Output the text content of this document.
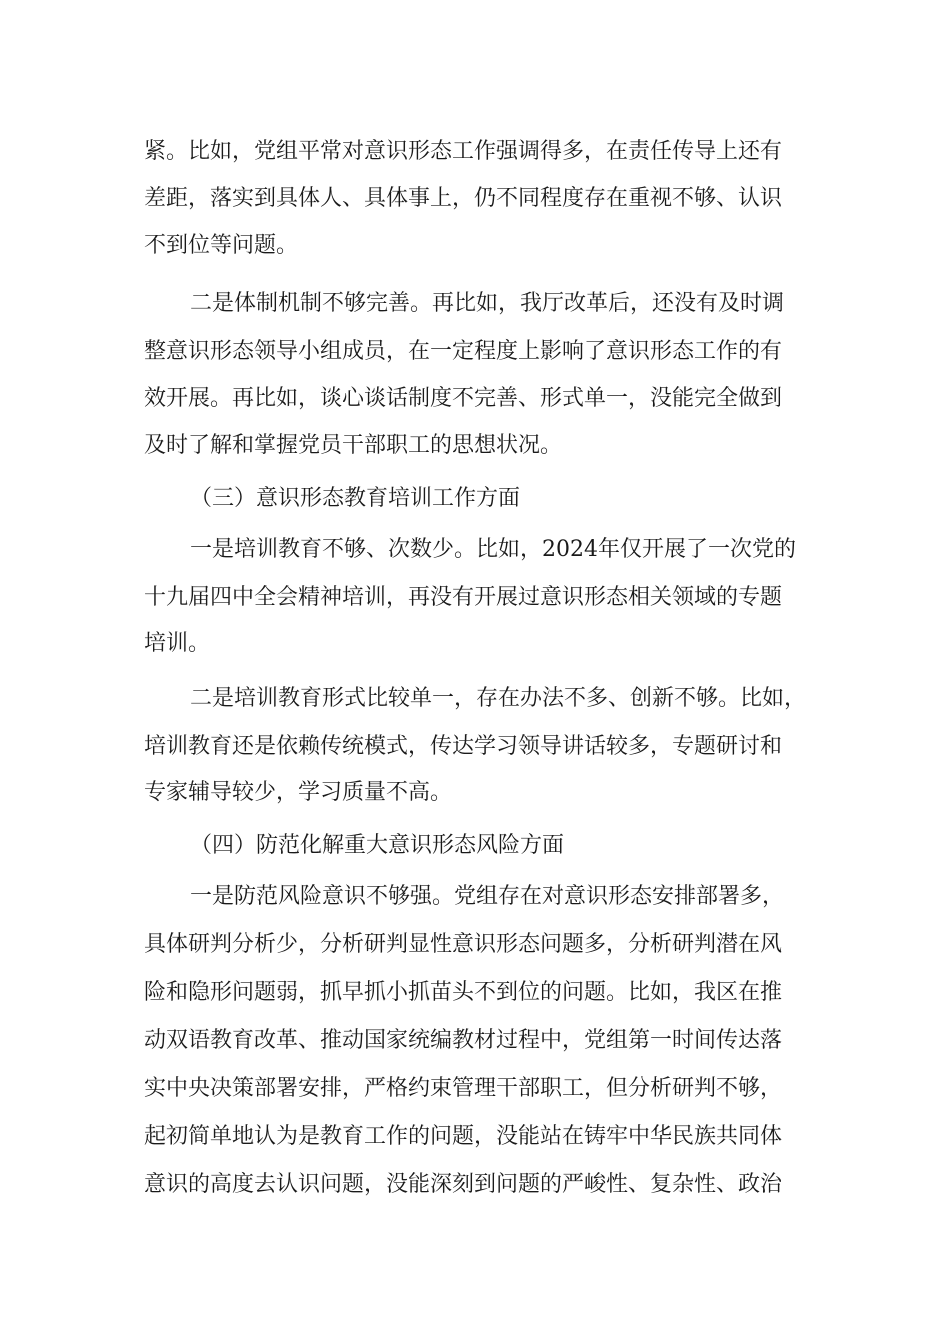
紧。比如，党组平常对意识形态工作强调得多，在责任传导上还有

差距，落实到具体人、具体事上，仍不同程度存在重视不够、认识

不到位等问题。

二是体制机制不够完善。再比如，我厅改革后，还没有及时调

整意识形态领导小组成员，在一定程度上影响了意识形态工作的有

效开展。再比如，谈心谈话制度不完善、形式单一，没能完全做到

及时了解和掌握党员干部职工的思想状况。

（三）意识形态教育培训工作方面

一是培训教育不够、次数少。比如，2024年仅开展了一次党的

十九届四中全会精神培训，再没有开展过意识形态相关领域的专题

培训。

二是培训教育形式比较单一，存在办法不多、创新不够。比如，

培训教育还是依赖传统模式，传达学习领导讲话较多，专题研讨和

专家辅导较少，学习质量不高。

（四）防范化解重大意识形态风险方面

一是防范风险意识不够强。党组存在对意识形态安排部署多，

具体研判分析少，分析研判显性意识形态问题多，分析研判潜在风

险和隐形问题弱，抓早抓小抓苗头不到位的问题。比如，我区在推

动双语教育改革、推动国家统编教材过程中，党组第一时间传达落

实中央决策部署安排，严格约束管理干部职工，但分析研判不够，

起初简单地认为是教育工作的问题，没能站在铸牢中华民族共同体

意识的高度去认识问题，没能深刻到问题的严峻性、复杂性、政治
